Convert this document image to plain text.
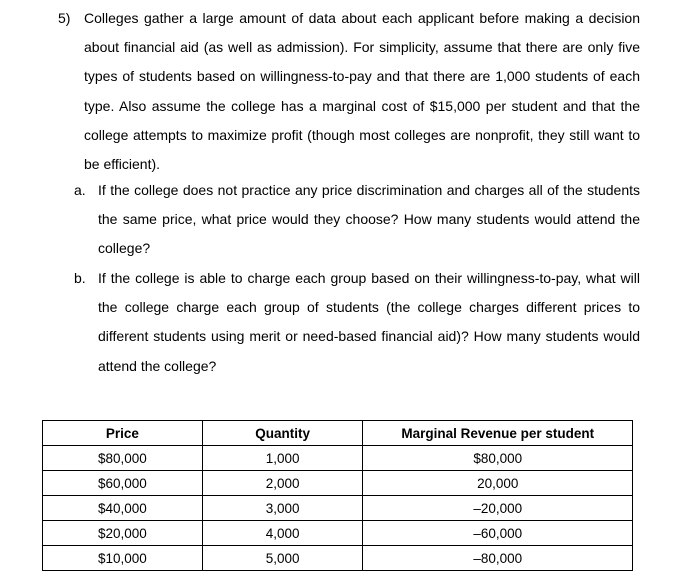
5) Colleges gather a large amount of data about each applicant before making a decision about financial aid (as well as admission). For simplicity, assume that there are only five types of students based on willingness-to-pay and that there are 1,000 students of each type. Also assume the college has a marginal cost of $15,000 per student and that the college attempts to maximize profit (though most colleges are nonprofit, they still want to be efficient).
a. If the college does not practice any price discrimination and charges all of the students the same price, what price would they choose? How many students would attend the college?
b. If the college is able to charge each group based on their willingness-to-pay, what will the college charge each group of students (the college charges different prices to different students using merit or need-based financial aid)? How many students would attend the college?
Price	Quantity	Marginal Revenue per student
$80,000	1,000	$80,000
$60,000	2,000	20,000
$40,000	3,000	–20,000
$20,000	4,000	–60,000
$10,000	5,000	–80,000
